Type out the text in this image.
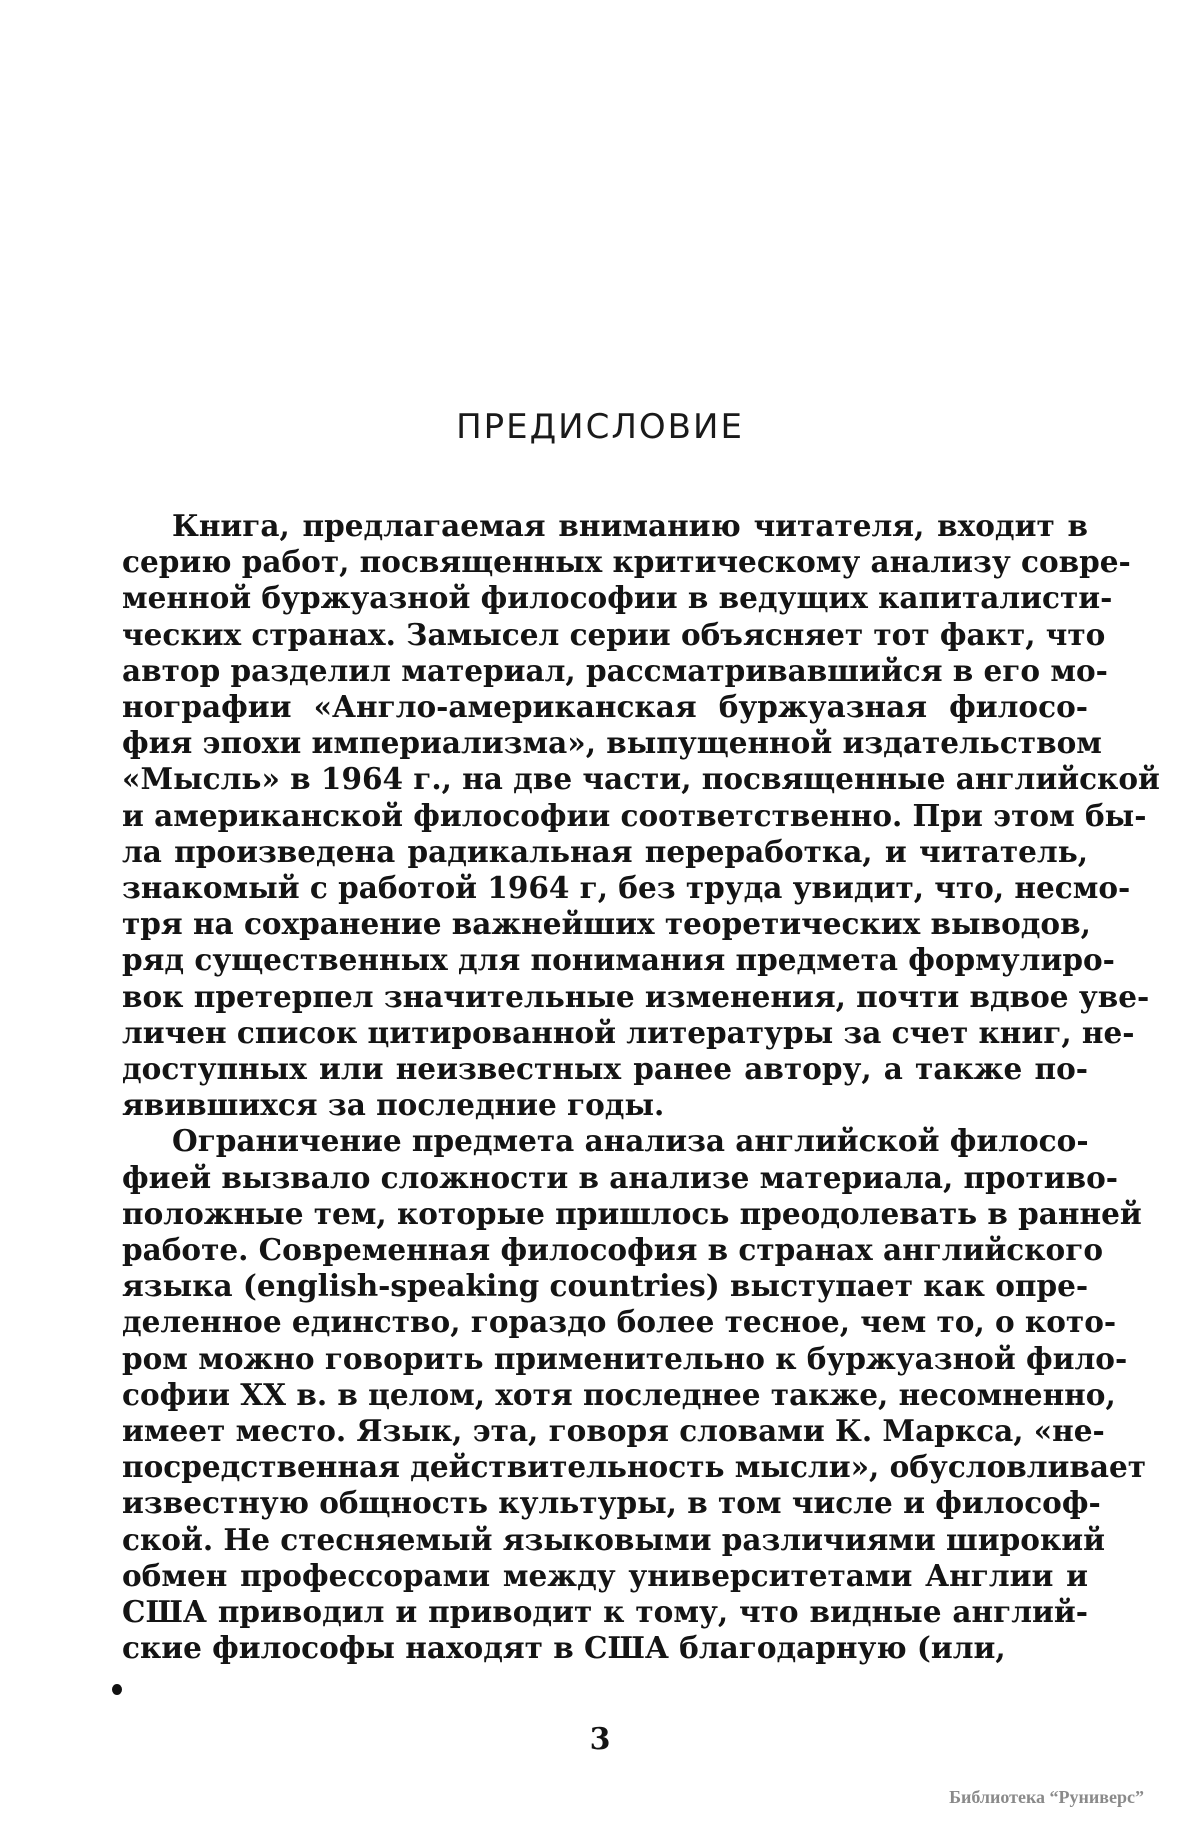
ПРЕДИСЛОВИЕ
Книга, предлагаемая вниманию читателя, входит в
серию работ, посвященных критическому анализу совре-
менной буржуазной философии в ведущих капиталисти-
ческих странах. Замысел серии объясняет тот факт, что
автор разделил материал, рассматривавшийся в его мо-
нографии «Англо-американская буржуазная филосо-
фия эпохи империализма», выпущенной издательством
«Мысль» в 1964 г., на две части, посвященные английской
и американской философии соответственно. При этом бы-
ла произведена радикальная переработка, и читатель,
знакомый с работой 1964 г, без труда увидит, что, несмо-
тря на сохранение важнейших теоретических выводов,
ряд существенных для понимания предмета формулиро-
вок претерпел значительные изменения, почти вдвое уве-
личен список цитированной литературы за счет книг, не-
доступных или неизвестных ранее автору, а также по-
явившихся за последние годы.
Ограничение предмета анализа английской филосо-
фией вызвало сложности в анализе материала, противо-
положные тем, которые пришлось преодолевать в ранней
работе. Современная философия в странах английского
языка (english-speaking countries) выступает как опре-
деленное единство, гораздо более тесное, чем то, о кото-
ром можно говорить применительно к буржуазной фило-
софии XX в. в целом, хотя последнее также, несомненно,
имеет место. Язык, эта, говоря словами К. Маркса, «не-
посредственная действительность мысли», обусловливает
известную общность культуры, в том числе и философ-
ской. Не стесняемый языковыми различиями широкий
обмен профессорами между университетами Англии и
США приводил и приводит к тому, что видные англий-
ские философы находят в США благодарную (или,
3
Библиотека “Руниверс”
